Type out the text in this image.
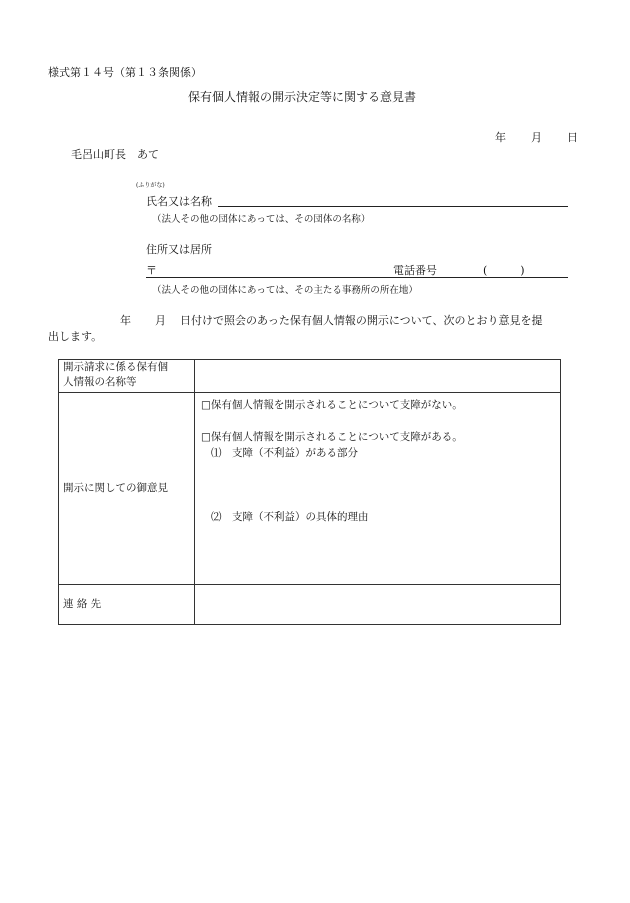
様式第１４号（第１３条関係）
保有個人情報の開示決定等に関する意見書
年 月 日
毛呂山町長　あて
(ふりがな)
氏名又は名称
（法人その他の団体にあっては、その団体の名称）
住所又は居所
〒	電話番号	(　　　)
（法人その他の団体にあっては、その主たる事務所の所在地）
年 月 日付けで照会のあった保有個人情報の開示について、次のとおり意見を提
出します。
開示請求に係る保有個
人情報の名称等	

開示に関しての御意見	□保有個人情報を開示されることについて支障がない。
□保有個人情報を開示されることについて支障がある。
⑴　支障（不利益）がある部分
⑵　支障（不利益）の具体的理由

連 絡 先	
